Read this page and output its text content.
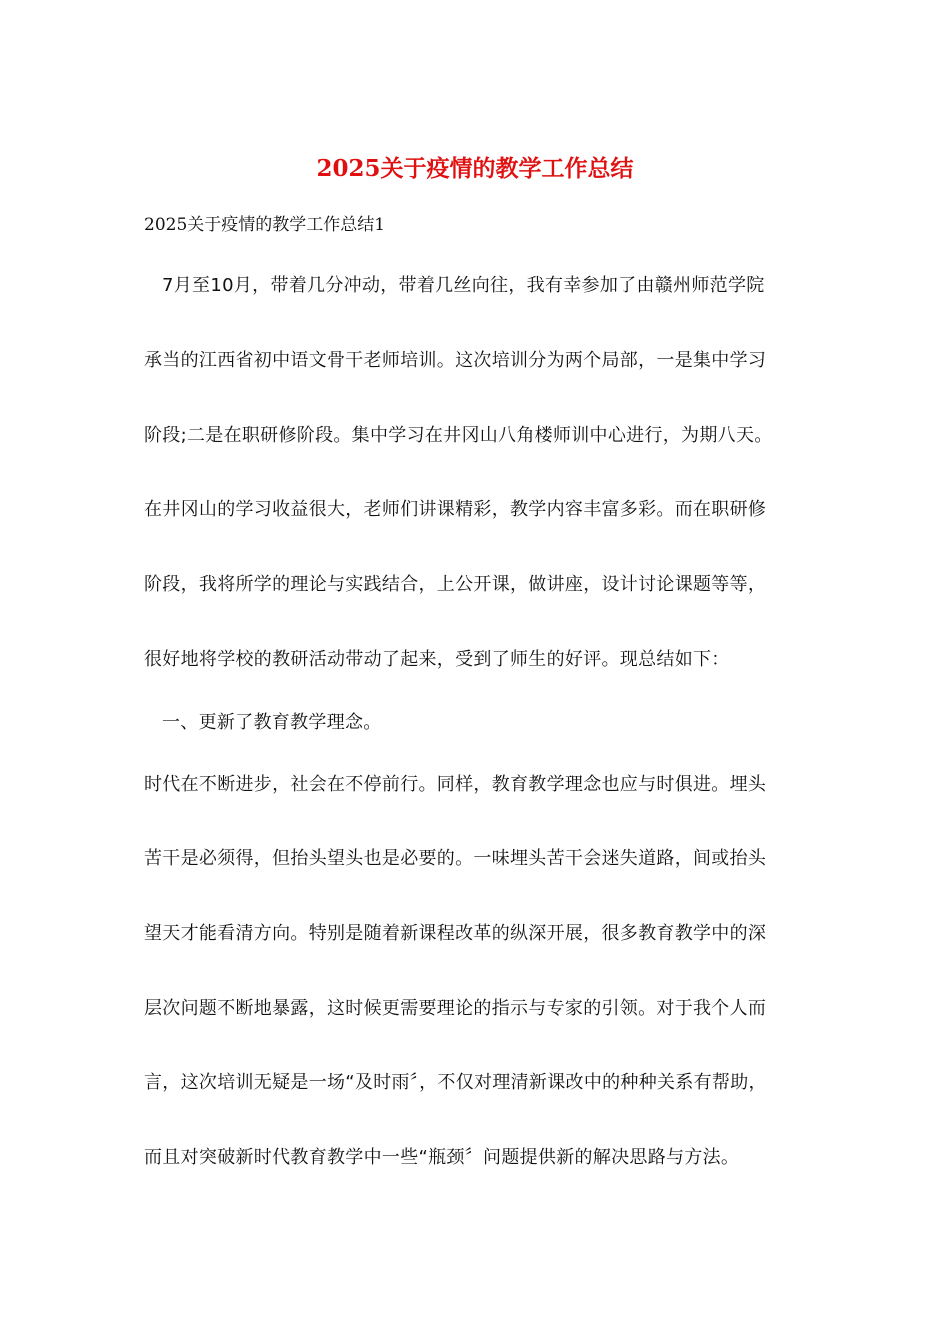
2025关于疫情的教学工作总结

2025关于疫情的教学工作总结1

7月至10月，带着几分冲动，带着几丝向往，我有幸参加了由赣州师范学院

承当的江西省初中语文骨干老师培训。这次培训分为两个局部，一是集中学习

阶段;二是在职研修阶段。集中学习在井冈山八角楼师训中心进行，为期八天。

在井冈山的学习收益很大，老师们讲课精彩，教学内容丰富多彩。而在职研修

阶段，我将所学的理论与实践结合，上公开课，做讲座，设计讨论课题等等，

很好地将学校的教研活动带动了起来，受到了师生的好评。现总结如下：

一、更新了教育教学理念。

时代在不断进步，社会在不停前行。同样，教育教学理念也应与时俱进。埋头

苦干是必须得，但抬头望头也是必要的。一味埋头苦干会迷失道路，间或抬头

望天才能看清方向。特别是随着新课程改革的纵深开展，很多教育教学中的深

层次问题不断地暴露，这时候更需要理论的指示与专家的引领。对于我个人而

言，这次培训无疑是一场“及时雨〞，不仅对理清新课改中的种种关系有帮助，

而且对突破新时代教育教学中一些“瓶颈〞问题提供新的解决思路与方法。
